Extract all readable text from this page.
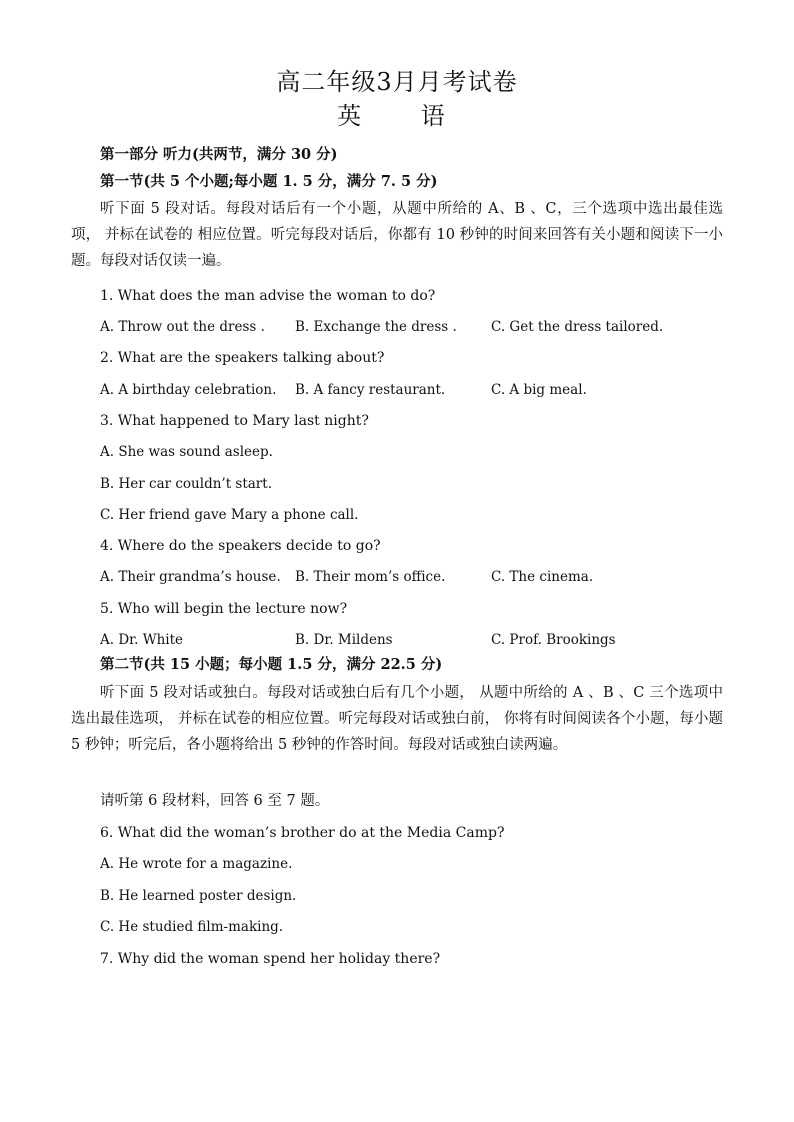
高二年级3月月考试卷
英 语
第一部分 听力(共两节，满分 30 分)
第一节(共 5 个小题;每小题 1. 5 分，满分 7. 5 分)
听下面 5 段对话。每段对话后有一个小题，从题中所给的 A、B 、C，三个选项中选出最佳选项， 并标在试卷的 相应位置。听完每段对话后，你都有 10 秒钟的时间来回答有关小题和阅读下一小题。每段对话仅读一遍。
1. What does the man advise the woman to do?
A. Throw out the dress . B. Exchange the dress .	C. Get the dress tailored.
2. What are the speakers talking about?
A. A birthday celebration. B. A fancy restaurant.	C. A big meal.
3. What happened to Mary last night?
A. She was sound asleep.
B. Her car couldn’t start.
C. Her friend gave Mary a phone call.
4. Where do the speakers decide to go?
A. Their grandma’s house. B. Their mom’s office.	C. The cinema.
5. Who will begin the lecture now?
A. Dr. White	B. Dr. Mildens	C. Prof. Brookings
第二节(共 15 小题；每小题 1.5 分，满分 22.5 分)
听下面 5 段对话或独白。每段对话或独白后有几个小题， 从题中所给的 A 、B 、C 三个选项中选出最佳选项， 并标在试卷的相应位置。听完每段对话或独白前， 你将有时间阅读各个小题，每小题 5 秒钟；听完后，各小题将给出 5 秒钟的作答时间。每段对话或独白读两遍。
请听第 6 段材料，回答 6 至 7 题。
6. What did the woman’s brother do at the Media Camp?
A. He wrote for a magazine.
B. He learned poster design.
C. He studied film-making.
7. Why did the woman spend her holiday there?
